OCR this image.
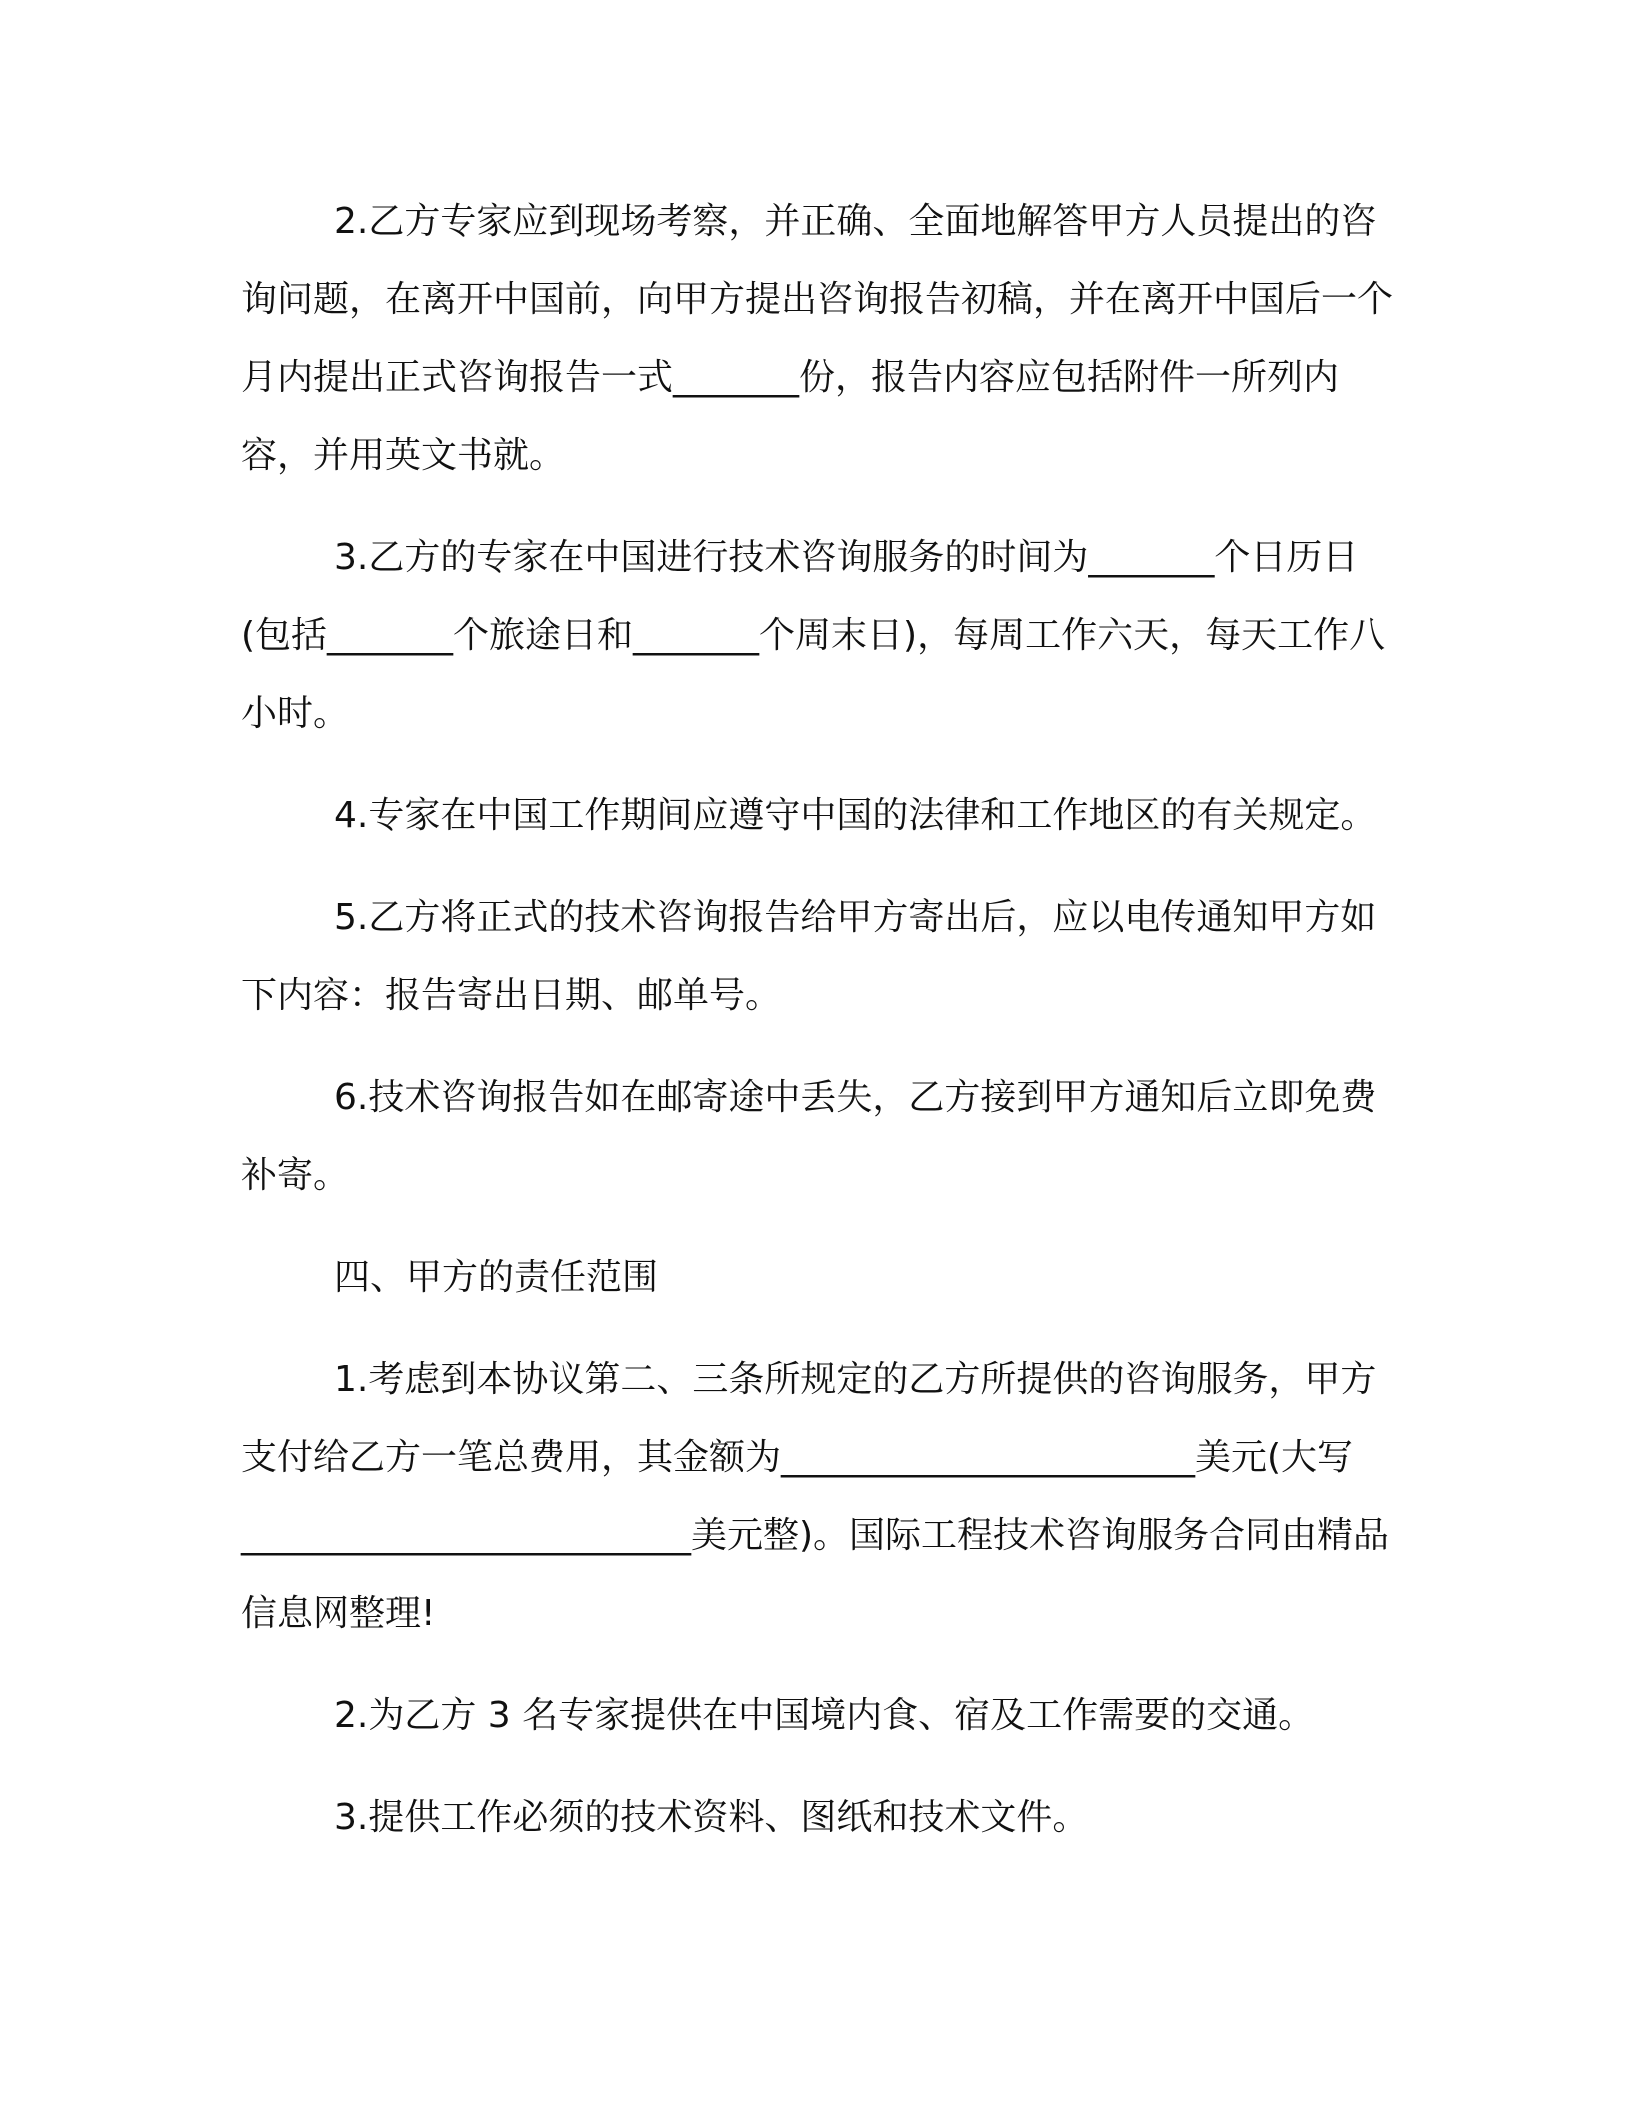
2.乙方专家应到现场考察，并正确、全面地解答甲方人员提出的咨询问题，在离开中国前，向甲方提出咨询报告初稿，并在离开中国后一个月内提出正式咨询报告一式_______份，报告内容应包括附件一所列内容，并用英文书就。

3.乙方的专家在中国进行技术咨询服务的时间为_______个日历日(包括_______个旅途日和_______个周末日)，每周工作六天，每天工作八小时。

4.专家在中国工作期间应遵守中国的法律和工作地区的有关规定。

5.乙方将正式的技术咨询报告给甲方寄出后，应以电传通知甲方如下内容：报告寄出日期、邮单号。

6.技术咨询报告如在邮寄途中丢失，乙方接到甲方通知后立即免费补寄。

四、甲方的责任范围

1.考虑到本协议第二、三条所规定的乙方所提供的咨询服务，甲方支付给乙方一笔总费用，其金额为_______________________美元(大写_________________________美元整)。国际工程技术咨询服务合同由精品信息网整理!

2.为乙方 3 名专家提供在中国境内食、宿及工作需要的交通。

3.提供工作必须的技术资料、图纸和技术文件。
